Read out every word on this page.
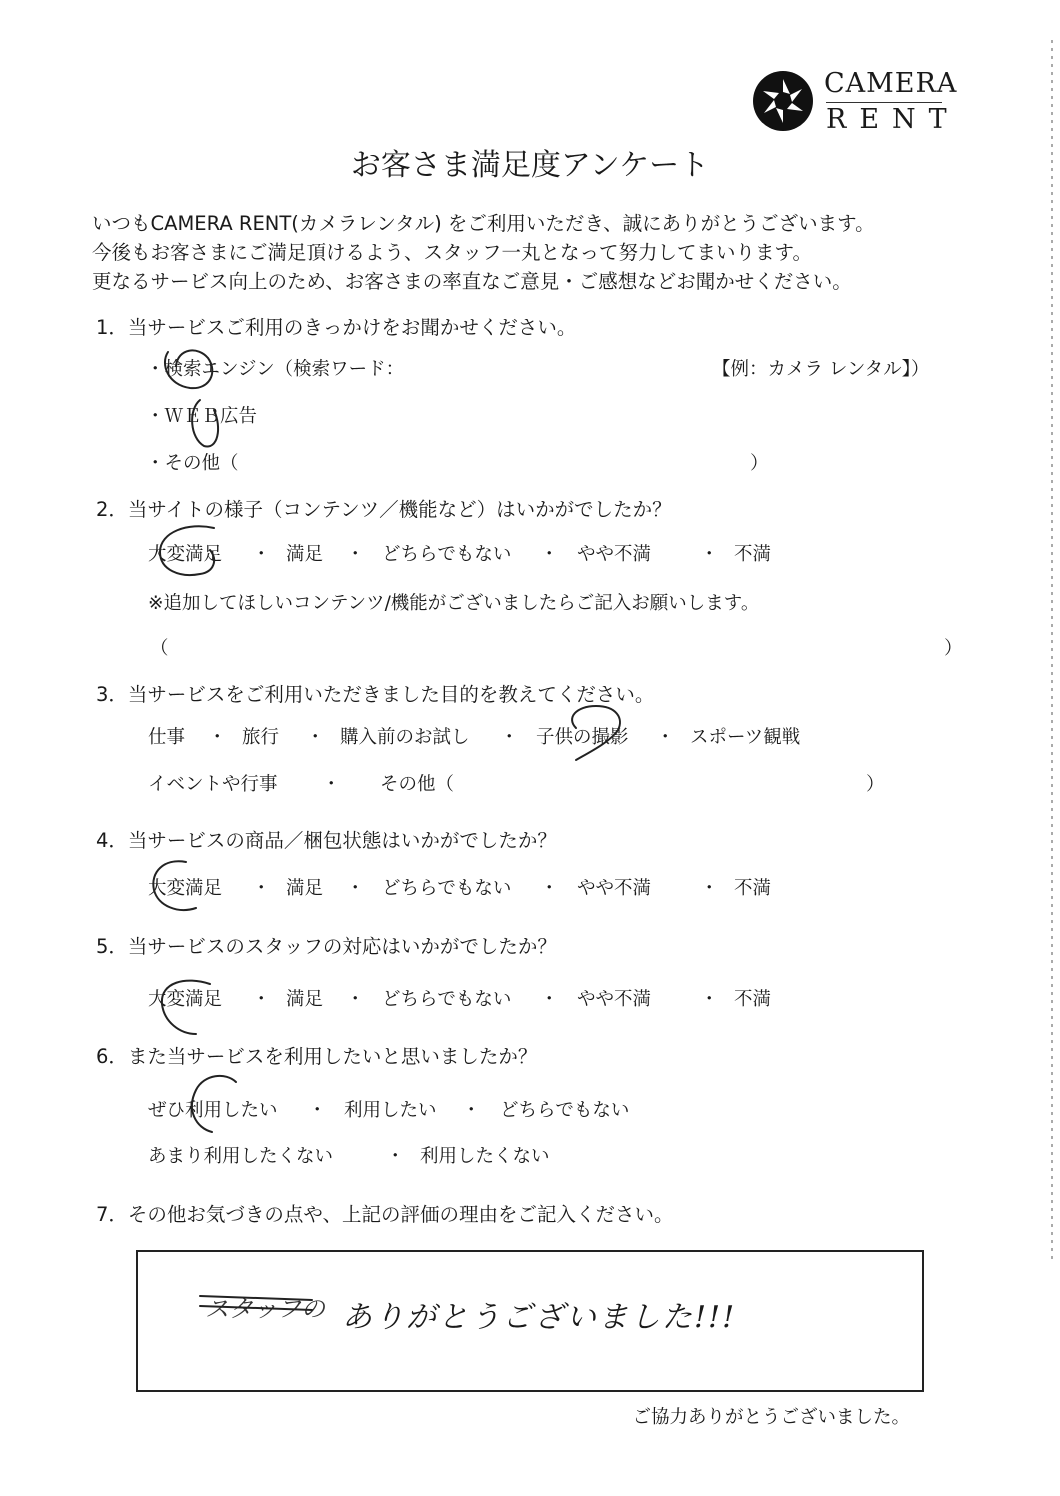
CAMERA
RENT
お客さま満足度アンケート
いつもCAMERA RENT(カメラレンタル) をご利用いただき、誠にありがとうございます。
今後もお客さまにご満足頂けるよう、スタッフ一丸となって努力してまいります。
更なるサービス向上のため、お客さまの率直なご意見・ご感想などお聞かせください。
1．当サービスご利用のきっかけをお聞かせください。
・検索エンジン（検索ワード：	【例：カメラ レンタル】）
・ＷＥＢ広告
・その他（	）
2．当サイトの様子（コンテンツ／機能など）はいかがでしたか？
大変満足 ・ 満足 ・ どちらでもない ・ やや不満	・ 不満
※追加してほしいコンテンツ/機能がございましたらご記入お願いします。
（	）
3．当サービスをご利用いただきました目的を教えてください。
仕事 ・ 旅行 ・ 購入前のお試し ・ 子供の撮影 ・ スポーツ観戦
イベントや行事 ・ その他（	）
4．当サービスの商品／梱包状態はいかがでしたか？
大変満足 ・ 満足 ・ どちらでもない ・ やや不満	・ 不満
5．当サービスのスタッフの対応はいかがでしたか？
大変満足 ・ 満足 ・ どちらでもない ・ やや不満	・ 不満
6．また当サービスを利用したいと思いましたか？
ぜひ利用したい ・ 利用したい ・ どちらでもない
あまり利用したくない	・ 利用したくない
7．その他お気づきの点や、上記の評価の理由をご記入ください。
スタッフの ありがとうございました!!!
ご協力ありがとうございました。
